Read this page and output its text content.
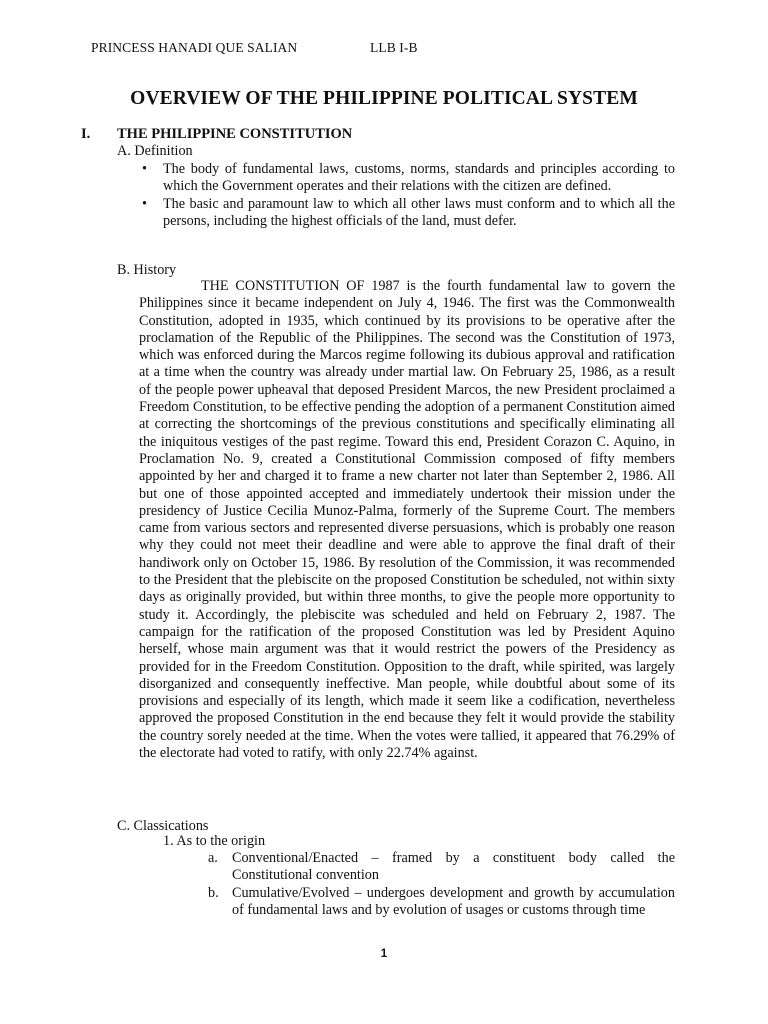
PRINCESS HANADI QUE SALIAN	LLB I-B
OVERVIEW OF THE PHILIPPINE POLITICAL SYSTEM
I. THE PHILIPPINE CONSTITUTION
A. Definition
• The body of fundamental laws, customs, norms, standards and principles according to which the Government operates and their relations with the citizen are defined.
• The basic and paramount law to which all other laws must conform and to which all the persons, including the highest officials of the land, must defer.
B. History
THE CONSTITUTION OF 1987 is the fourth fundamental law to govern the Philippines since it became independent on July 4, 1946. The first was the Commonwealth Constitution, adopted in 1935, which continued by its provisions to be operative after the proclamation of the Republic of the Philippines. The second was the Constitution of 1973, which was enforced during the Marcos regime following its dubious approval and ratification at a time when the country was already under martial law. On February 25, 1986, as a result of the people power upheaval that deposed President Marcos, the new President proclaimed a Freedom Constitution, to be effective pending the adoption of a permanent Constitution aimed at correcting the shortcomings of the previous constitutions and specifically eliminating all the iniquitous vestiges of the past regime. Toward this end, President Corazon C. Aquino, in Proclamation No. 9, created a Constitutional Commission composed of fifty members appointed by her and charged it to frame a new charter not later than September 2, 1986. All but one of those appointed accepted and immediately undertook their mission under the presidency of Justice Cecilia Munoz-Palma, formerly of the Supreme Court. The members came from various sectors and represented diverse persuasions, which is probably one reason why they could not meet their deadline and were able to approve the final draft of their handiwork only on October 15, 1986. By resolution of the Commission, it was recommended to the President that the plebiscite on the proposed Constitution be scheduled, not within sixty days as originally provided, but within three months, to give the people more opportunity to study it. Accordingly, the plebiscite was scheduled and held on February 2, 1987. The campaign for the ratification of the proposed Constitution was led by President Aquino herself, whose main argument was that it would restrict the powers of the Presidency as provided for in the Freedom Constitution. Opposition to the draft, while spirited, was largely disorganized and consequently ineffective. Man people, while doubtful about some of its provisions and especially of its length, which made it seem like a codification, nevertheless approved the proposed Constitution in the end because they felt it would provide the stability the country sorely needed at the time. When the votes were tallied, it appeared that 76.29% of the electorate had voted to ratify, with only 22.74% against.
C. Classications
1. As to the origin
a. Conventional/Enacted – framed by a constituent body called the Constitutional convention
b. Cumulative/Evolved – undergoes development and growth by accumulation of fundamental laws and by evolution of usages or customs through time
1
